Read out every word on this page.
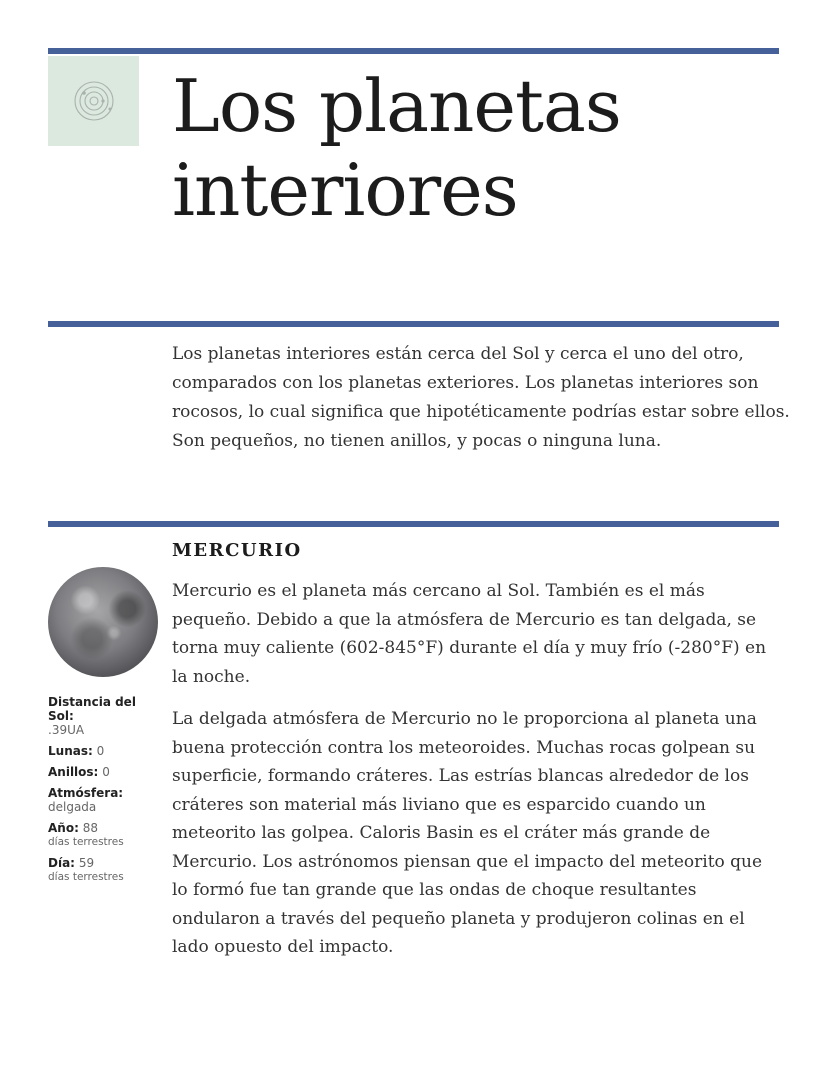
Los planetas interiores

Los planetas interiores están cerca del Sol y cerca el uno del otro, comparados con los planetas exteriores. Los planetas interiores son rocosos, lo cual significa que hipotéticamente podrías estar sobre ellos. Son pequeños, no tienen anillos, y pocas o ninguna luna.

MERCURIO
Distancia del Sol:
.39UA
Lunas: 0
Anillos: 0
Atmósfera:
delgada
Año: 88
días terrestres
Día: 59
días terrestres

Mercurio es el planeta más cercano al Sol. También es el más pequeño. Debido a que la atmósfera de Mercurio es tan delgada, se torna muy caliente (602-845°F) durante el día y muy frío (-280°F) en la noche.

La delgada atmósfera de Mercurio no le proporciona al planeta una buena protección contra los meteoroides. Muchas rocas golpean su superficie, formando cráteres. Las estrías blancas alrededor de los cráteres son material más liviano que es esparcido cuando un meteorito las golpea. Caloris Basin es el cráter más grande de Mercurio. Los astrónomos piensan que el impacto del meteorito que lo formó fue tan grande que las ondas de choque resultantes ondularon a través del pequeño planeta y produjeron colinas en el lado opuesto del impacto.
